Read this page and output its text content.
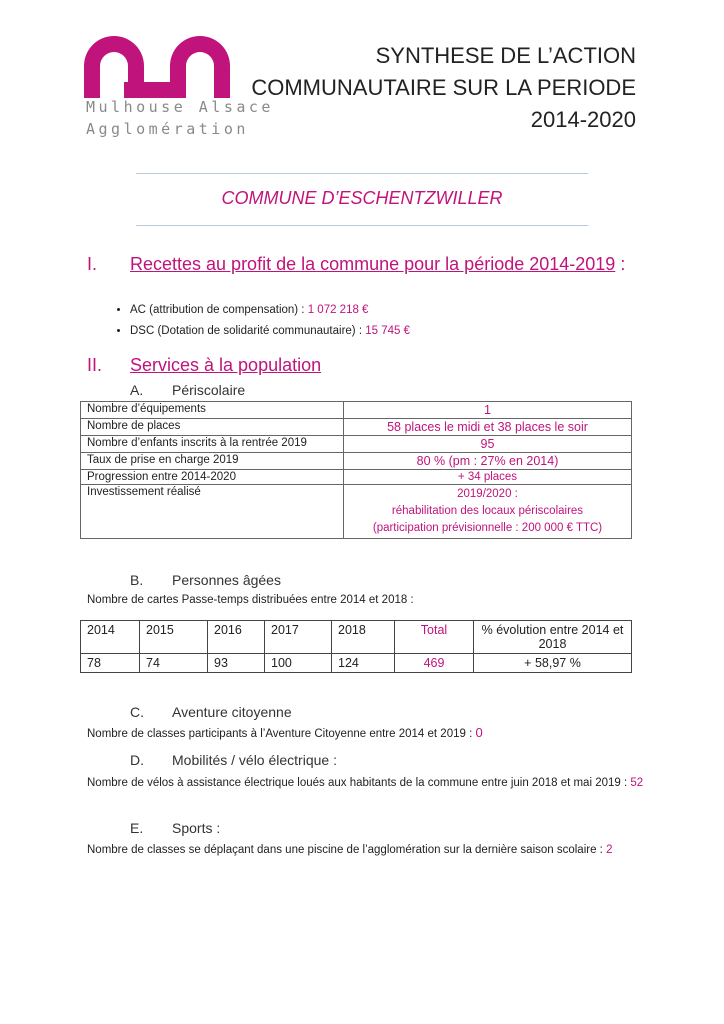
Mulhouse Alsace
Agglomération
SYNTHESE DE L’ACTION
COMMUNAUTAIRE SUR LA PERIODE
2014-2020
COMMUNE D’ESCHENTZWILLER
I. Recettes au profit de la commune pour la période 2014-2019 :
• AC (attribution de compensation) : 1 072 218 €
• DSC (Dotation de solidarité communautaire) : 15 745 €
II. Services à la population
A. Périscolaire
Nombre d’équipements	1
Nombre de places	58 places le midi et 38 places le soir
Nombre d’enfants inscrits à la rentrée 2019	95
Taux de prise en charge 2019	80 % (pm : 27% en 2014)
Progression entre 2014-2020	+ 34 places
Investissement réalisé	2019/2020 :
réhabilitation des locaux périscolaires
(participation prévisionnelle : 200 000 € TTC)
B. Personnes âgées
Nombre de cartes Passe-temps distribuées entre 2014 et 2018 :
2014	2015	2016	2017	2018	Total	% évolution entre 2014 et 2018
78	74	93	100	124	469	+ 58,97 %
C. Aventure citoyenne
Nombre de classes participants à l’Aventure Citoyenne entre 2014 et 2019 : 0
D. Mobilités / vélo électrique :
Nombre de vélos à assistance électrique loués aux habitants de la commune entre juin 2018 et mai 2019 : 52
E. Sports :
Nombre de classes se déplaçant dans une piscine de l’agglomération sur la dernière saison scolaire : 2
